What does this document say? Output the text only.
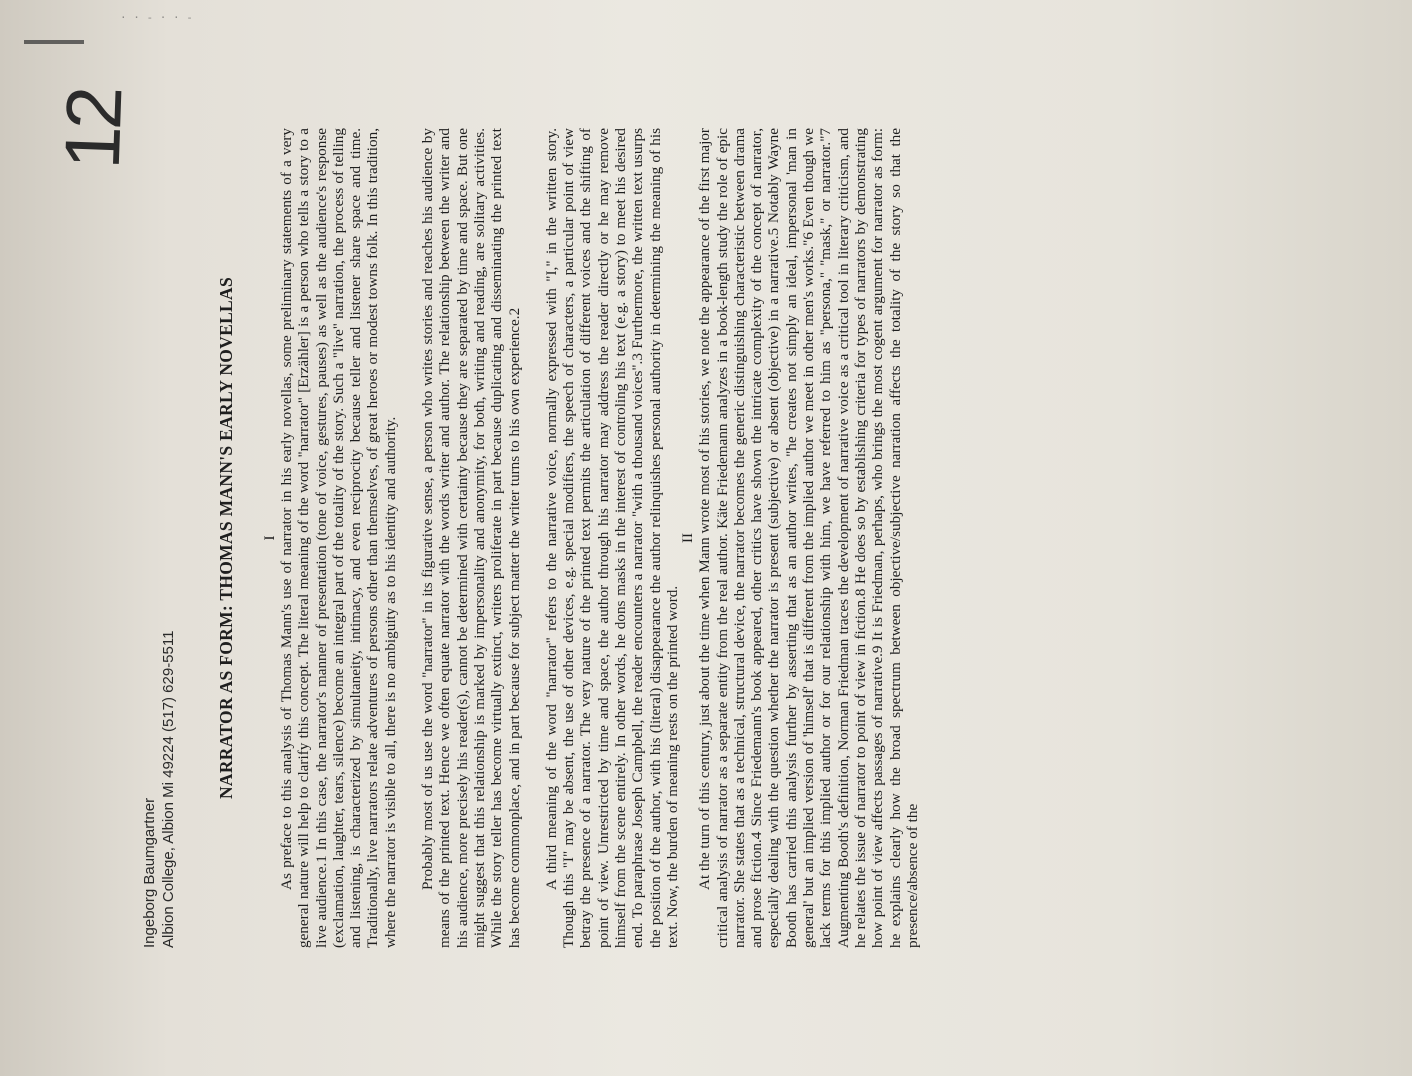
· · - · · -
12
Ingeborg Baumgartner Albion College, Albion Mi 49224 (517) 629-5511 NARRATOR AS FORM: THOMAS MANN'S EARLY NOVELLAS I As preface to this analysis of Thomas Mann's use of narrator in his early novellas, some preliminary statements of a very general nature will help to clarify this concept. The literal meaning of the word "narrator" [Erzähler] is a person who tells a story to a live audience.1 In this case, the narrator's manner of presentation (tone of voice, gestures, pauses) as well as the audience's response (exclamation, laughter, tears, silence) become an integral part of the totality of the story. Such a "live" narration, the process of telling and listening, is characterized by simultaneity, intimacy, and even reciprocity because teller and listener share space and time. Traditionally, live narrators relate adventures of persons other than themselves, of great heroes or modest towns folk. In this tradition, where the narrator is visible to all, there is no ambiguity as to his identity and authority. Probably most of us use the word "narrator" in its figurative sense, a person who writes stories and reaches his audience by means of the printed text. Hence we often equate narrator with the words writer and author. The relationship between the writer and his audience, more precisely his reader(s), cannot be determined with certainty because they are separated by time and space. But one might suggest that this relationship is marked by impersonality and anonymity, for both, writing and reading, are solitary activities. While the story teller has become virtually extinct, writers proliferate in part because duplicating and disseminating the printed text has become commonplace, and in part because for subject matter the writer turns to his own experience.2 A third meaning of the word "narrator" refers to the narrative voice, normally expressed with "I," in the written story. Though this "I" may be absent, the use of other devices, e.g. special modifiers, the speech of characters, a particular point of view betray the presence of a narrator. The very nature of the printed text permits the articulation of different voices and the shifting of point of view. Unrestricted by time and space, the author through his narrator may address the reader directly or he may remove himself from the scene entirely. In other words, he dons masks in the interest of controling his text (e.g. a story) to meet his desired end. To paraphrase Joseph Campbell, the reader encounters a narrator "with a thousand voices".3 Furthermore, the written text usurps the position of the author, with his (literal) disappearance the author relinquishes personal authority in determining the meaning of his text. Now, the burden of meaning rests on the printed word.

II At the turn of this century, just about the time when Mann wrote most of his stories, we note the appearance of the first major critical analysis of narrator as a separate entity from the real author. Käte Friedemann analyzes in a book-length study the role of epic narrator. She states that as a technical, structural device, the narrator becomes the generic distinguishing characteristic between drama and prose fiction.4 Since Friedemann's book appeared, other critics have shown the intricate complexity of the concept of narrator, especially dealing with the question whether the narrator is present (subjective) or absent (objective) in a narrative.5 Notably Wayne Booth has carried this analysis further by asserting that as an author writes, "he creates not simply an ideal, impersonal 'man in general' but an implied version of 'himself' that is different from the implied author we meet in other men's works."6 Even though we lack terms for this implied author or for our relationship with him, we have referred to him as "persona," "mask," or narrator."7 Augmenting Booth's definition, Norman Friedman traces the development of narrative voice as a critical tool in literary criticism, and he relates the issue of narrator to point of view in fiction.8 He does so by establishing criteria for types of narrators by demonstrating how point of view affects passages of narrative.9 It is Friedman, perhaps, who brings the most cogent argument for narrator as form: he explains clearly how the broad spectrum between objective/subjective narration affects the totality of the story so that the presence/absence of the
